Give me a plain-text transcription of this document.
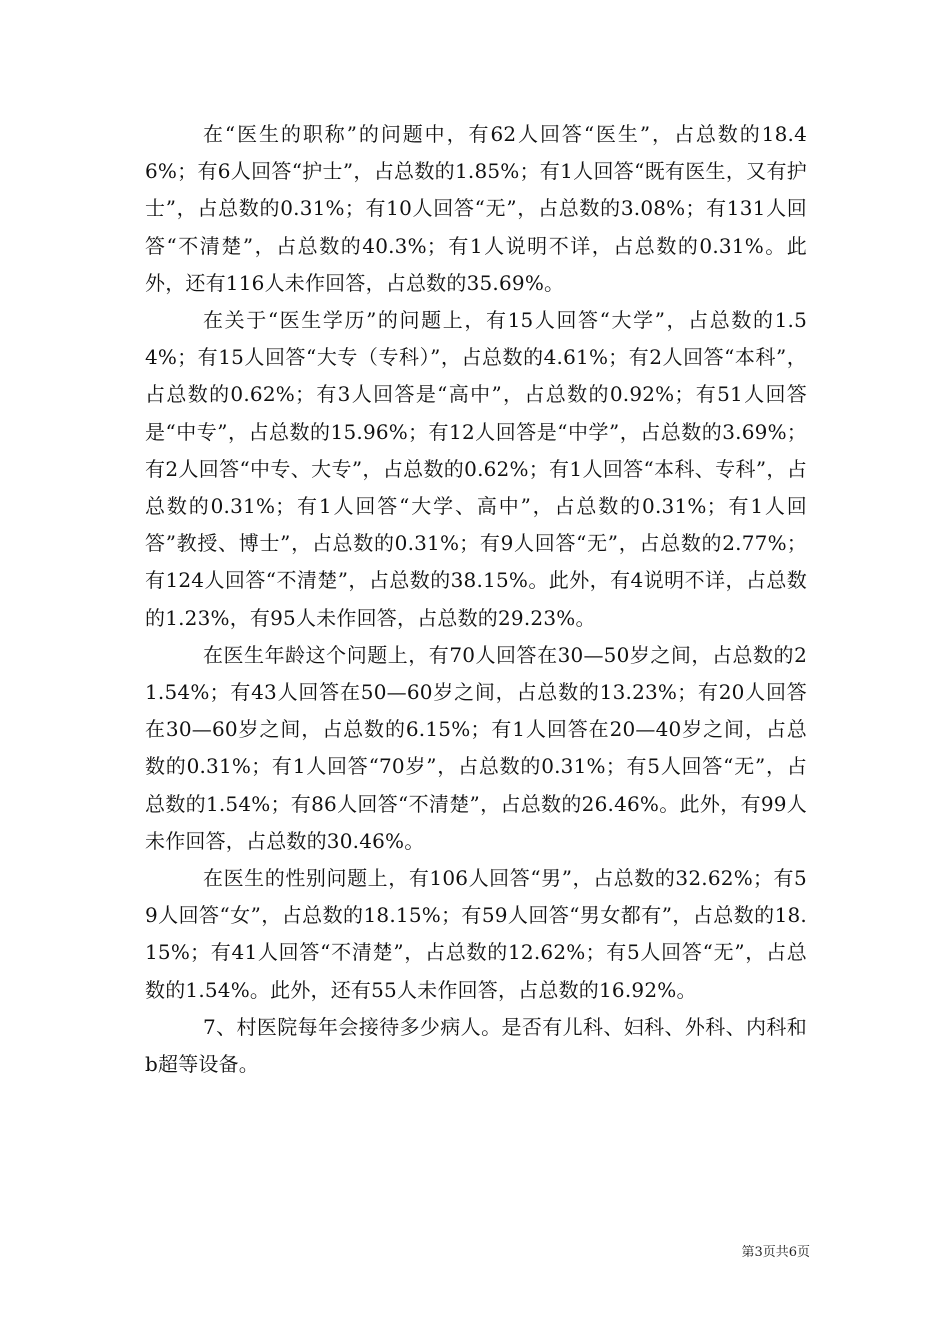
在“医生的职称”的问题中，有62人回答“医生”，占总数的18.46%；有6人回答“护士”，占总数的1.85%；有1人回答“既有医生，又有护士”，占总数的0.31%；有10人回答“无”，占总数的3.08%；有131人回答“不清楚”，占总数的40.3%；有1人说明不详，占总数的0.31%。此外，还有116人未作回答，占总数的35.69%。

在关于“医生学历”的问题上，有15人回答“大学”，占总数的1.54%；有15人回答“大专（专科）”，占总数的4.61%；有2人回答“本科”，占总数的0.62%；有3人回答是“高中”，占总数的0.92%；有51人回答是“中专”，占总数的15.96%；有12人回答是“中学”，占总数的3.69%；有2人回答“中专、大专”，占总数的0.62%；有1人回答“本科、专科”，占总数的0.31%；有1人回答“大学、高中”，占总数的0.31%；有1人回答”教授、博士”，占总数的0.31%；有9人回答“无”，占总数的2.77%；有124人回答“不清楚”，占总数的38.15%。此外，有4说明不详，占总数的1.23%，有95人未作回答，占总数的29.23%。

在医生年龄这个问题上，有70人回答在30—50岁之间，占总数的21.54%；有43人回答在50—60岁之间，占总数的13.23%；有20人回答在30—60岁之间，占总数的6.15%；有1人回答在20—40岁之间，占总数的0.31%；有1人回答“70岁”，占总数的0.31%；有5人回答“无”，占总数的1.54%；有86人回答“不清楚”，占总数的26.46%。此外，有99人未作回答，占总数的30.46%。

在医生的性别问题上，有106人回答“男”，占总数的32.62%；有59人回答“女”，占总数的18.15%；有59人回答“男女都有”，占总数的18.15%；有41人回答“不清楚”，占总数的12.62%；有5人回答“无”，占总数的1.54%。此外，还有55人未作回答，占总数的16.92%。

7、村医院每年会接待多少病人。是否有儿科、妇科、外科、内科和b超等设备。

第3页共6页
